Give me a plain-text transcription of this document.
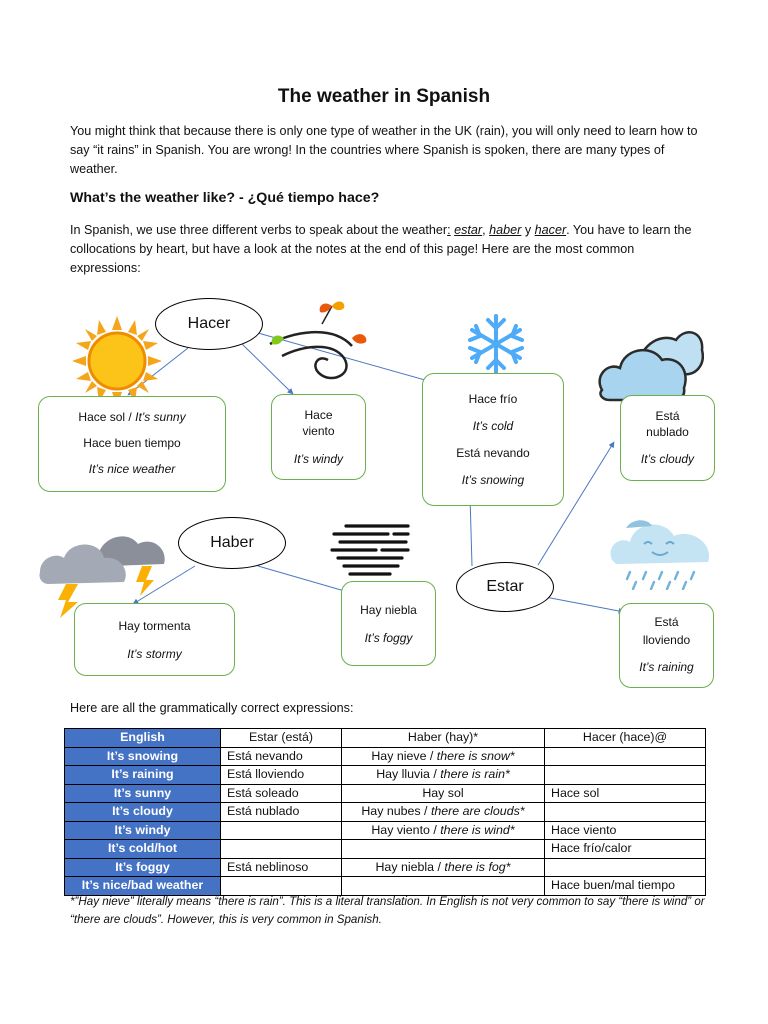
The weather in Spanish
You might think that because there is only one type of weather in the UK (rain), you will only need to learn how to say “it rains” in Spanish. You are wrong! In the countries where Spanish is spoken, there are many types of weather.
What’s the weather like? - ¿Qué tiempo hace?
In Spanish, we use three different verbs to speak about the weather: estar, haber y hacer. You have to learn the collocations by heart, but have a look at the notes at the end of this page! Here are the most common expressions:
Hacer
Haber
Estar
Hace sol / It’s sunny
Hace buen tiempo
It’s nice weather
Hace
viento
It’s windy
Hace frío
It’s cold
Está nevando
It’s snowing
Está
nublado
It’s cloudy
Hay tormenta
It’s stormy
Hay niebla
It’s foggy
Está
lloviendo
It’s raining
Here are all the grammatically correct expressions:
English	Estar (está)	Haber (hay)*	Hacer (hace)@
It’s snowing	Está nevando	Hay nieve / there is snow*	
It’s raining	Está lloviendo	Hay lluvia / there is rain*	
It’s sunny	Está soleado	Hay sol	Hace sol
It’s cloudy	Está nublado	Hay nubes / there are clouds*	
It’s windy		Hay viento / there is wind*	Hace viento
It’s cold/hot			Hace frío/calor
It’s foggy	Está neblinoso	Hay niebla / there is fog*	
It’s nice/bad weather			Hace buen/mal tiempo
*”Hay nieve” literally means “there is rain”. This is a literal translation. In English is not very common to say “there is wind” or “there are clouds”. However, this is very common in Spanish.
